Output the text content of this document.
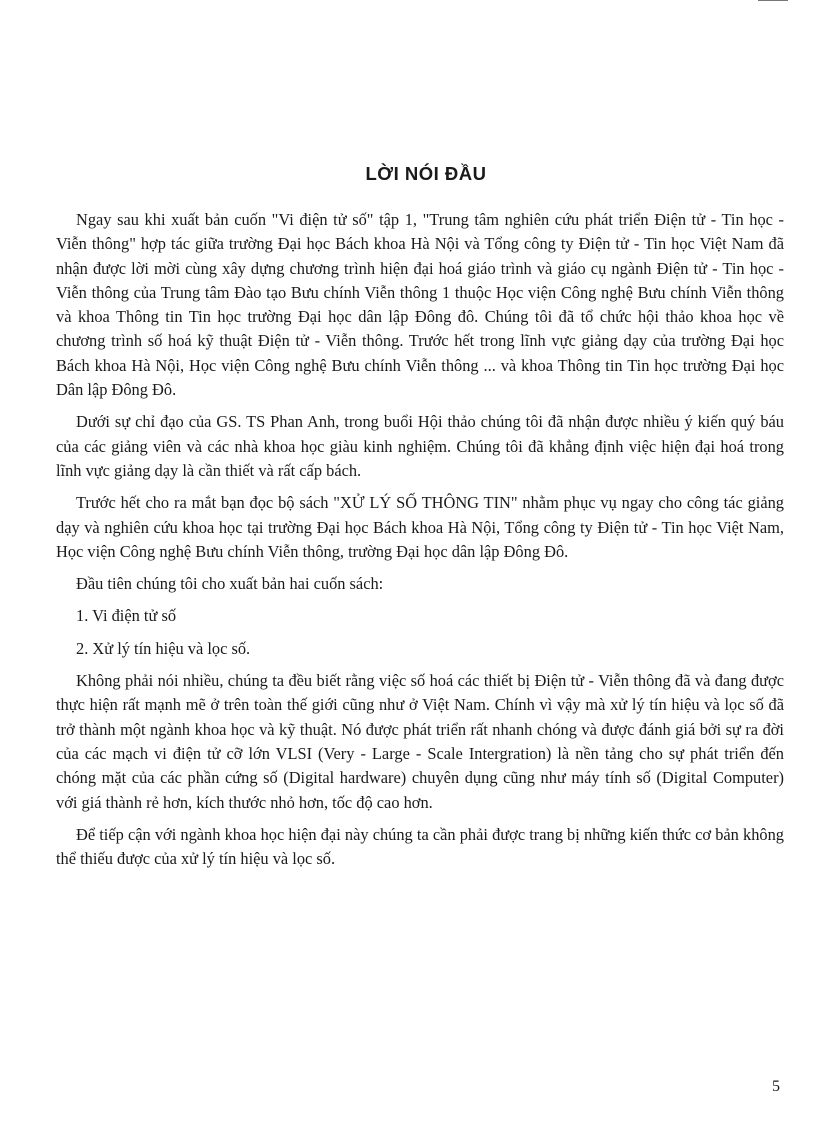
LỜI NÓI ĐẦU

Ngay sau khi xuất bản cuốn "Vi điện tử số" tập 1, "Trung tâm nghiên cứu phát triển Điện tử - Tin học - Viễn thông" hợp tác giữa trường Đại học Bách khoa Hà Nội và Tổng công ty Điện tử - Tin học Việt Nam đã nhận được lời mời cùng xây dựng chương trình hiện đại hoá giáo trình và giáo cụ ngành Điện tử - Tin học - Viễn thông của Trung tâm Đào tạo Bưu chính Viễn thông 1 thuộc Học viện Công nghệ Bưu chính Viễn thông và khoa Thông tin Tin học trường Đại học dân lập Đông đô. Chúng tôi đã tổ chức hội thảo khoa học về chương trình số hoá kỹ thuật Điện tử - Viễn thông. Trước hết trong lĩnh vực giảng dạy của trường Đại học Bách khoa Hà Nội, Học viện Công nghệ Bưu chính Viễn thông ... và khoa Thông tin Tin học trường Đại học Dân lập Đông Đô.

Dưới sự chỉ đạo của GS. TS Phan Anh, trong buổi Hội thảo chúng tôi đã nhận được nhiều ý kiến quý báu của các giảng viên và các nhà khoa học giàu kinh nghiệm. Chúng tôi đã khẳng định việc hiện đại hoá trong lĩnh vực giảng dạy là cần thiết và rất cấp bách.

Trước hết cho ra mắt bạn đọc bộ sách "XỬ LÝ SỐ THÔNG TIN" nhằm phục vụ ngay cho công tác giảng dạy và nghiên cứu khoa học tại trường Đại học Bách khoa Hà Nội, Tổng công ty Điện tử - Tin học Việt Nam, Học viện Công nghệ Bưu chính Viễn thông, trường Đại học dân lập Đông Đô.

Đầu tiên chúng tôi cho xuất bản hai cuốn sách:

1. Vi điện tử số

2. Xử lý tín hiệu và lọc số.

Không phải nói nhiều, chúng ta đều biết rằng việc số hoá các thiết bị Điện tử - Viễn thông đã và đang được thực hiện rất mạnh mẽ ở trên toàn thế giới cũng như ở Việt Nam. Chính vì vậy mà xử lý tín hiệu và lọc số đã trở thành một ngành khoa học và kỹ thuật. Nó được phát triển rất nhanh chóng và được đánh giá bởi sự ra đời của các mạch vi điện tử cỡ lớn VLSI (Very - Large - Scale Intergration) là nền tảng cho sự phát triển đến chóng mặt của các phần cứng số (Digital hardware) chuyên dụng cũng như máy tính số (Digital Computer) với giá thành rẻ hơn, kích thước nhỏ hơn, tốc độ cao hơn.

Để tiếp cận với ngành khoa học hiện đại này chúng ta cần phải được trang bị những kiến thức cơ bản không thể thiếu được của xử lý tín hiệu và lọc số.

5
